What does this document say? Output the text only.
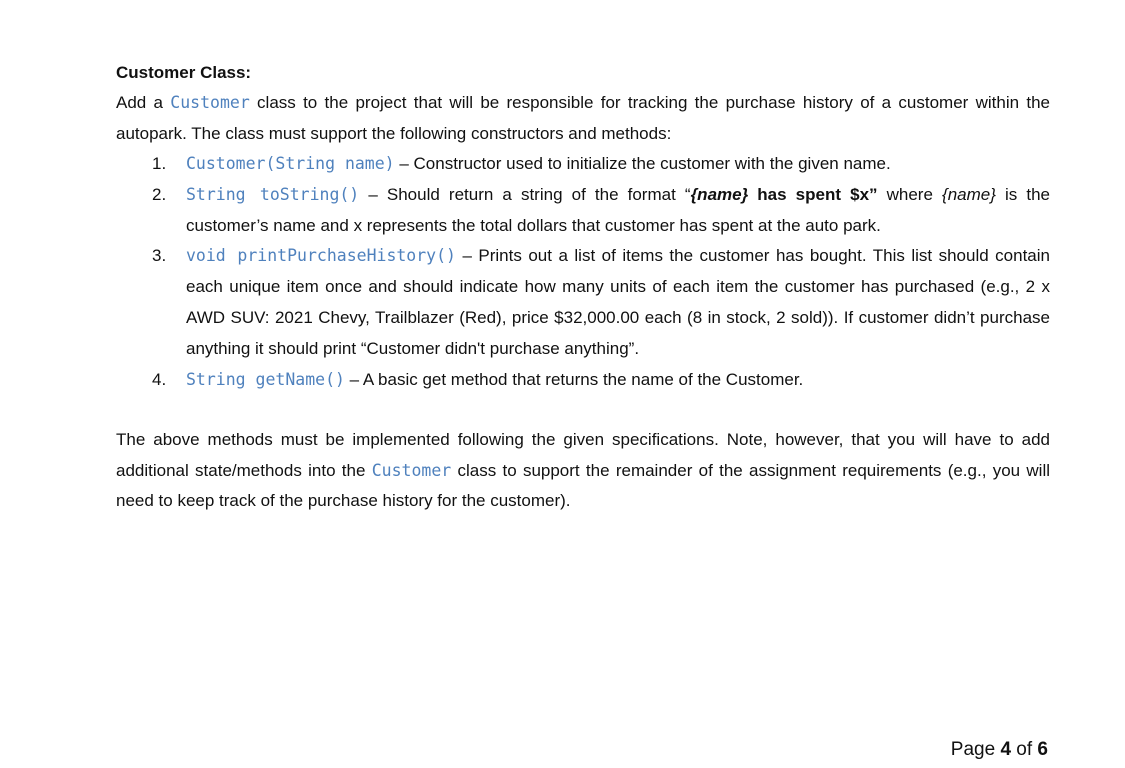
Customer Class:

Add a Customer class to the project that will be responsible for tracking the purchase history of a customer within the autopark. The class must support the following constructors and methods:

1. Customer(String name) – Constructor used to initialize the customer with the given name.
2. String toString() – Should return a string of the format “{name} has spent $x” where {name} is the customer’s name and x represents the total dollars that customer has spent at the auto park.
3. void printPurchaseHistory() – Prints out a list of items the customer has bought. This list should contain each unique item once and should indicate how many units of each item the customer has purchased (e.g., 2 x AWD SUV: 2021 Chevy, Trailblazer (Red), price $32,000.00 each (8 in stock, 2 sold)). If customer didn’t purchase anything it should print “Customer didn't purchase anything”.
4. String getName() – A basic get method that returns the name of the Customer.

The above methods must be implemented following the given specifications. Note, however, that you will have to add additional state/methods into the Customer class to support the remainder of the assignment requirements (e.g., you will need to keep track of the purchase history for the customer).

Page 4 of 6
